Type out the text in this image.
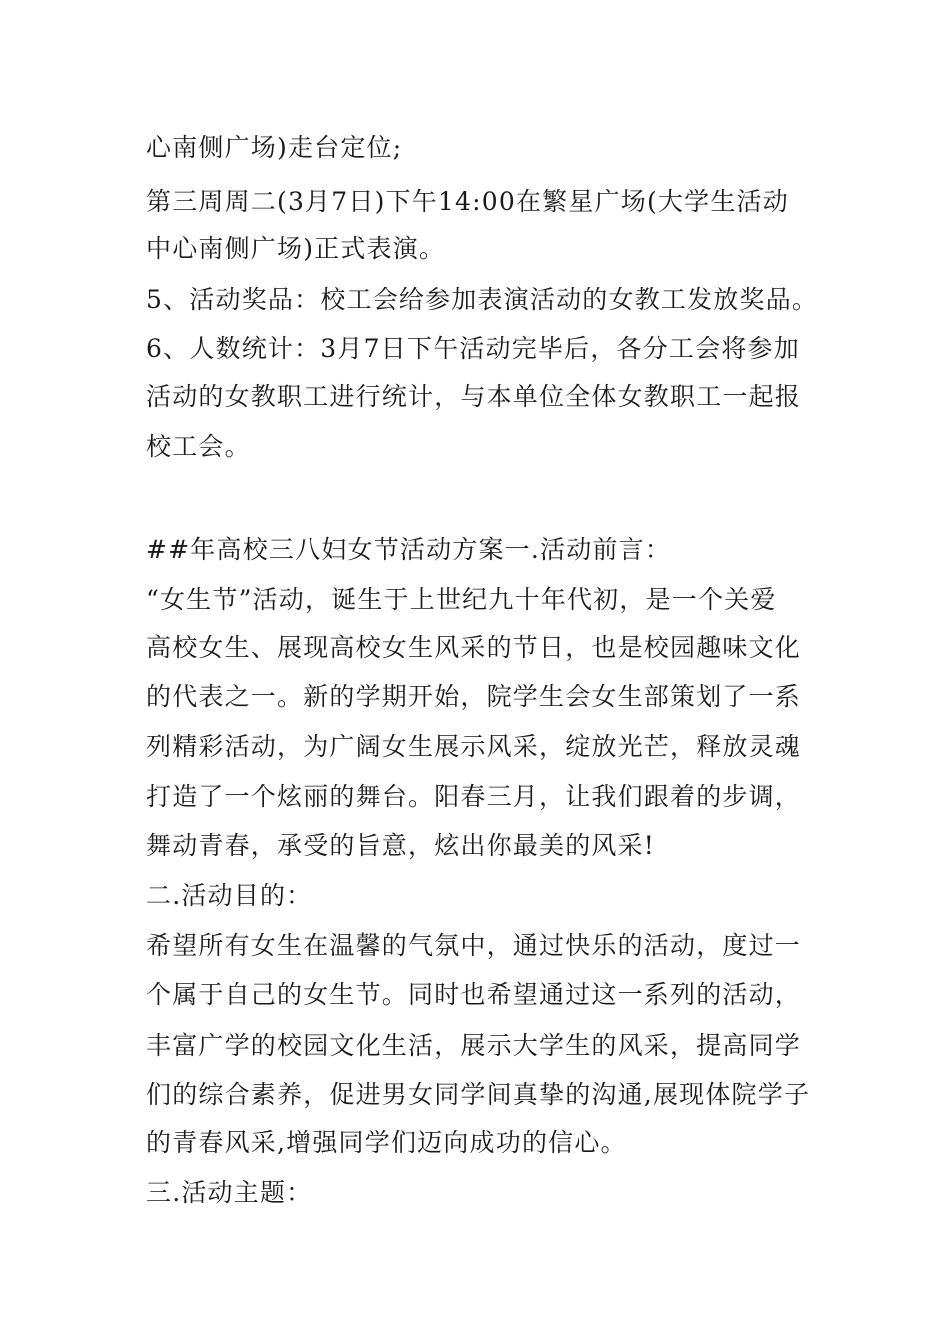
心南侧广场)走台定位;
第三周周二(3月7日)下午14:00在繁星广场(大学生活动
中心南侧广场)正式表演。
5、活动奖品：校工会给参加表演活动的女教工发放奖品。
6、人数统计：3月7日下午活动完毕后，各分工会将参加
活动的女教职工进行统计，与本单位全体女教职工一起报
校工会。
##年高校三八妇女节活动方案一.活动前言：
“女生节”活动，诞生于上世纪九十年代初，是一个关爱
高校女生、展现高校女生风采的节日，也是校园趣味文化
的代表之一。新的学期开始，院学生会女生部策划了一系
列精彩活动，为广阔女生展示风采，绽放光芒，释放灵魂
打造了一个炫丽的舞台。阳春三月，让我们跟着的步调，
舞动青春，承受的旨意，炫出你最美的风采!
二.活动目的：
希望所有女生在温馨的气氛中，通过快乐的活动，度过一
个属于自己的女生节。同时也希望通过这一系列的活动，
丰富广学的校园文化生活，展示大学生的风采，提高同学
们的综合素养，促进男女同学间真挚的沟通,展现体院学子
的青春风采,增强同学们迈向成功的信心。
三.活动主题：
